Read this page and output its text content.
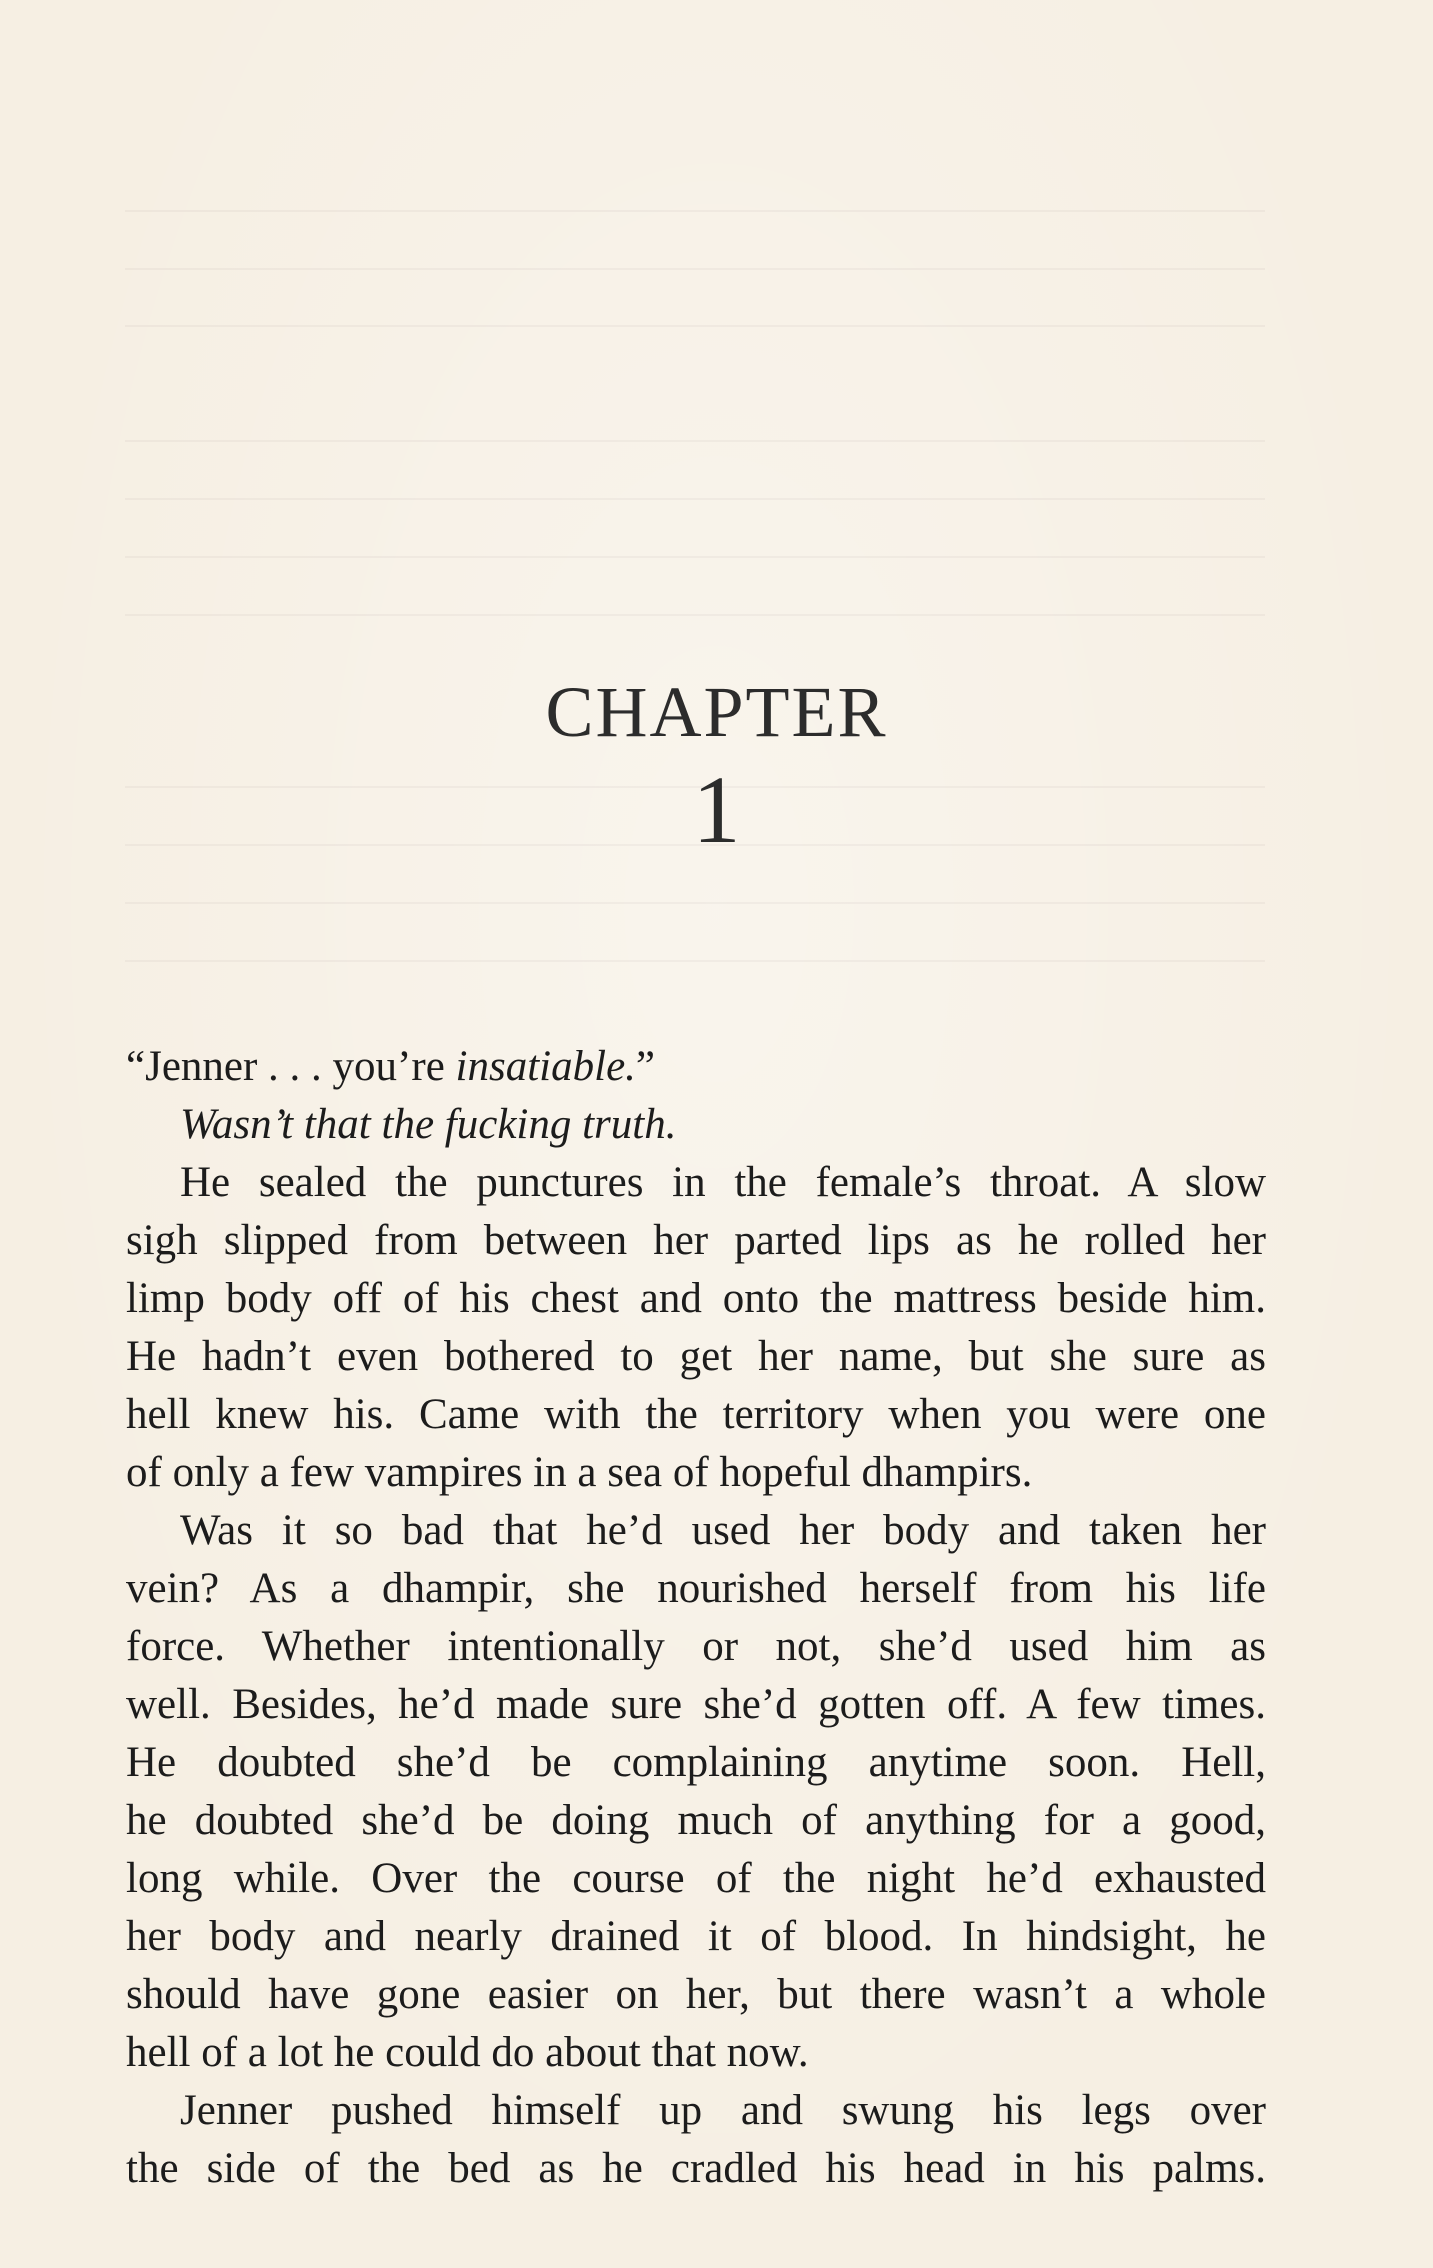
CHAPTER
1
“Jenner . . . you’re insatiable.”
Wasn’t that the fucking truth.
He sealed the punctures in the female’s throat. A slow
sigh slipped from between her parted lips as he rolled her
limp body off of his chest and onto the mattress beside him.
He hadn’t even bothered to get her name, but she sure as
hell knew his. Came with the territory when you were one
of only a few vampires in a sea of hopeful dhampirs.
Was it so bad that he’d used her body and taken her
vein? As a dhampir, she nourished herself from his life
force. Whether intentionally or not, she’d used him as
well. Besides, he’d made sure she’d gotten off. A few times.
He doubted she’d be complaining anytime soon. Hell,
he doubted she’d be doing much of anything for a good,
long while. Over the course of the night he’d exhausted
her body and nearly drained it of blood. In hindsight, he
should have gone easier on her, but there wasn’t a whole
hell of a lot he could do about that now.
Jenner pushed himself up and swung his legs over
the side of the bed as he cradled his head in his palms.
